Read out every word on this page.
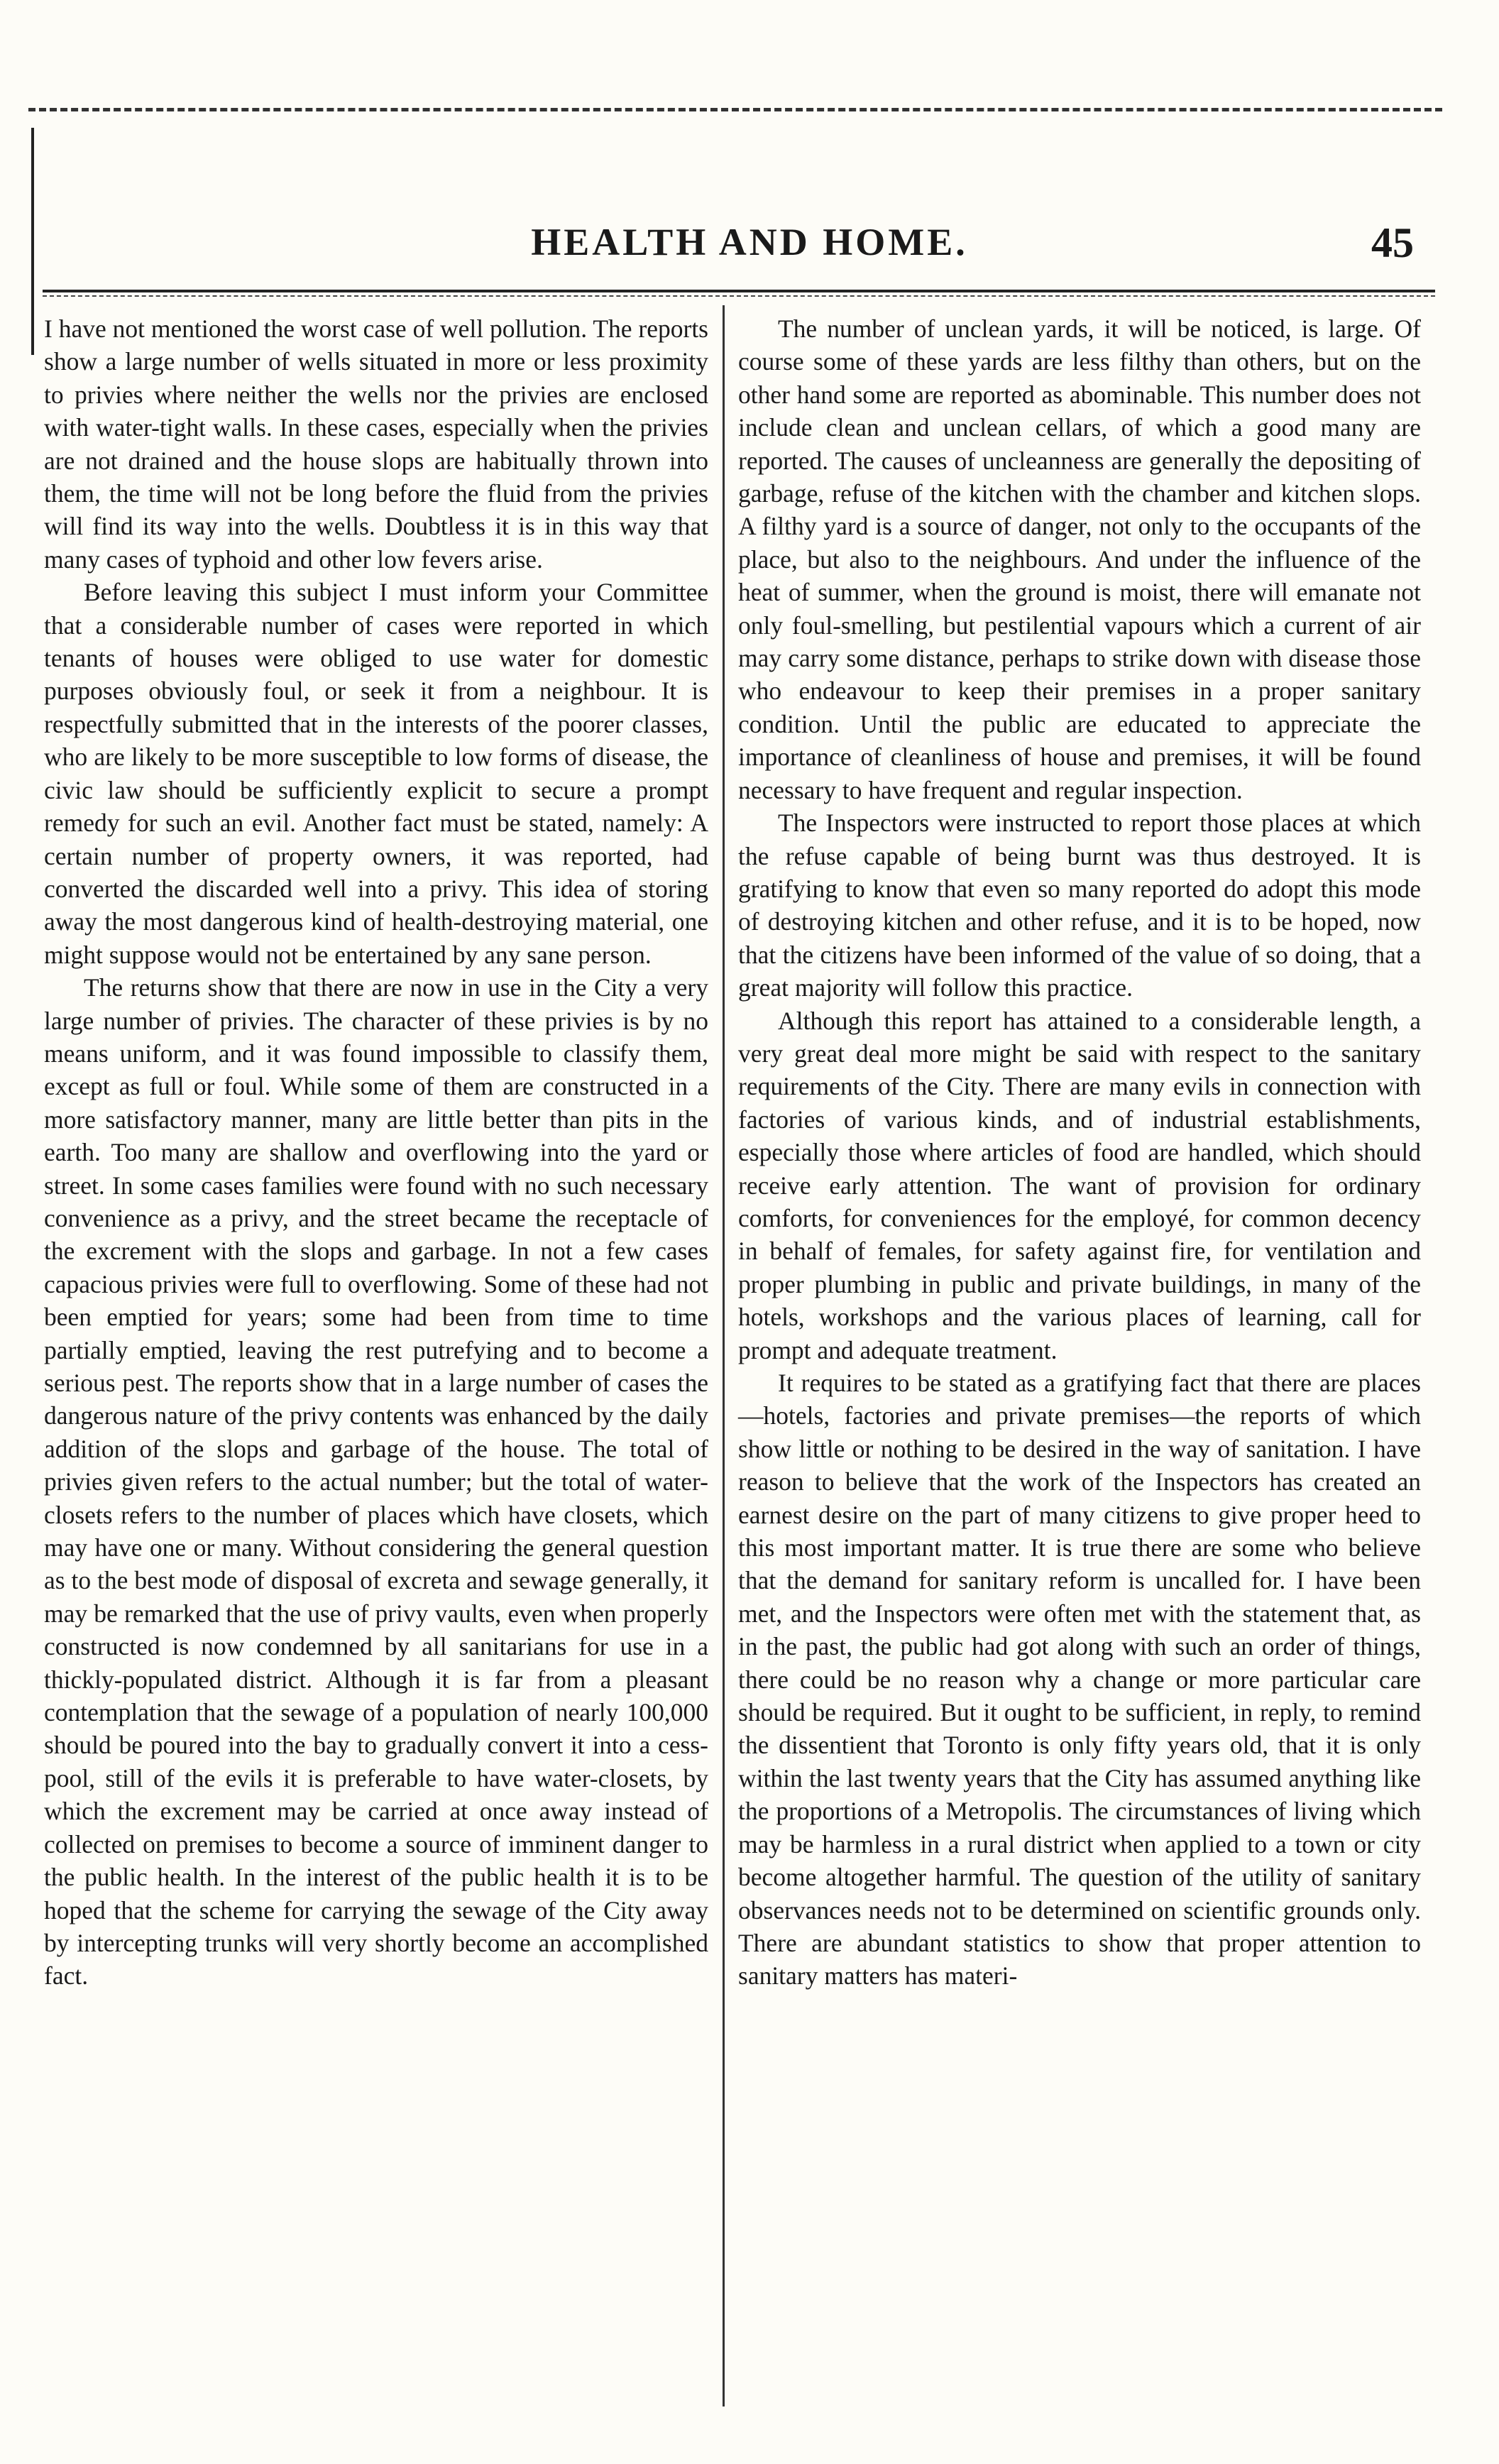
HEALTH AND HOME.	45

I have not mentioned the worst case of well pollution. The reports show a large number of wells situated in more or less proximity to privies where neither the wells nor the privies are enclosed with water-tight walls. In these cases, especially when the privies are not drained and the house slops are habitually thrown into them, the time will not be long before the fluid from the privies will find its way into the wells. Doubtless it is in this way that many cases of typhoid and other low fevers arise.

Before leaving this subject I must inform your Committee that a considerable number of cases were reported in which tenants of houses were obliged to use water for domestic purposes obviously foul, or seek it from a neighbour. It is respectfully submitted that in the interests of the poorer classes, who are likely to be more susceptible to low forms of disease, the civic law should be sufficiently explicit to secure a prompt remedy for such an evil. Another fact must be stated, namely: A certain number of property owners, it was reported, had converted the discarded well into a privy. This idea of storing away the most dangerous kind of health-destroying material, one might suppose would not be entertained by any sane person.

The returns show that there are now in use in the City a very large number of privies. The character of these privies is by no means uniform, and it was found impossible to classify them, except as full or foul. While some of them are constructed in a more satisfactory manner, many are little better than pits in the earth. Too many are shallow and overflowing into the yard or street. In some cases families were found with no such necessary convenience as a privy, and the street became the receptacle of the excrement with the slops and garbage. In not a few cases capacious privies were full to overflowing. Some of these had not been emptied for years; some had been from time to time partially emptied, leaving the rest putrefying and to become a serious pest. The reports show that in a large number of cases the dangerous nature of the privy contents was enhanced by the daily addition of the slops and garbage of the house. The total of privies given refers to the actual number; but the total of water-closets refers to the number of places which have closets, which may have one or many. Without considering the general question as to the best mode of disposal of excreta and sewage generally, it may be remarked that the use of privy vaults, even when properly constructed is now condemned by all sanitarians for use in a thickly-populated district. Although it is far from a pleasant contemplation that the sewage of a population of nearly 100,000 should be poured into the bay to gradually convert it into a cess-pool, still of the evils it is preferable to have water-closets, by which the excrement may be carried at once away instead of collected on premises to become a source of imminent danger to the public health. In the interest of the public health it is to be hoped that the scheme for carrying the sewage of the City away by intercepting trunks will very shortly become an accomplished fact.

The number of unclean yards, it will be noticed, is large. Of course some of these yards are less filthy than others, but on the other hand some are reported as abominable. This number does not include clean and unclean cellars, of which a good many are reported. The causes of uncleanness are generally the depositing of garbage, refuse of the kitchen with the chamber and kitchen slops. A filthy yard is a source of danger, not only to the occupants of the place, but also to the neighbours. And under the influence of the heat of summer, when the ground is moist, there will emanate not only foul-smelling, but pestilential vapours which a current of air may carry some distance, perhaps to strike down with disease those who endeavour to keep their premises in a proper sanitary condition. Until the public are educated to appreciate the importance of cleanliness of house and premises, it will be found necessary to have frequent and regular inspection.

The Inspectors were instructed to report those places at which the refuse capable of being burnt was thus destroyed. It is gratifying to know that even so many reported do adopt this mode of destroying kitchen and other refuse, and it is to be hoped, now that the citizens have been informed of the value of so doing, that a great majority will follow this practice.

Although this report has attained to a considerable length, a very great deal more might be said with respect to the sanitary requirements of the City. There are many evils in connection with factories of various kinds, and of industrial establishments, especially those where articles of food are handled, which should receive early attention. The want of provision for ordinary comforts, for conveniences for the employé, for common decency in behalf of females, for safety against fire, for ventilation and proper plumbing in public and private buildings, in many of the hotels, workshops and the various places of learning, call for prompt and adequate treatment.

It requires to be stated as a gratifying fact that there are places—hotels, factories and private premises—the reports of which show little or nothing to be desired in the way of sanitation. I have reason to believe that the work of the Inspectors has created an earnest desire on the part of many citizens to give proper heed to this most important matter. It is true there are some who believe that the demand for sanitary reform is uncalled for. I have been met, and the Inspectors were often met with the statement that, as in the past, the public had got along with such an order of things, there could be no reason why a change or more particular care should be required. But it ought to be sufficient, in reply, to remind the dissentient that Toronto is only fifty years old, that it is only within the last twenty years that the City has assumed anything like the proportions of a Metropolis. The circumstances of living which may be harmless in a rural district when applied to a town or city become altogether harmful. The question of the utility of sanitary observances needs not to be determined on scientific grounds only. There are abundant statistics to show that proper attention to sanitary matters has materi-
